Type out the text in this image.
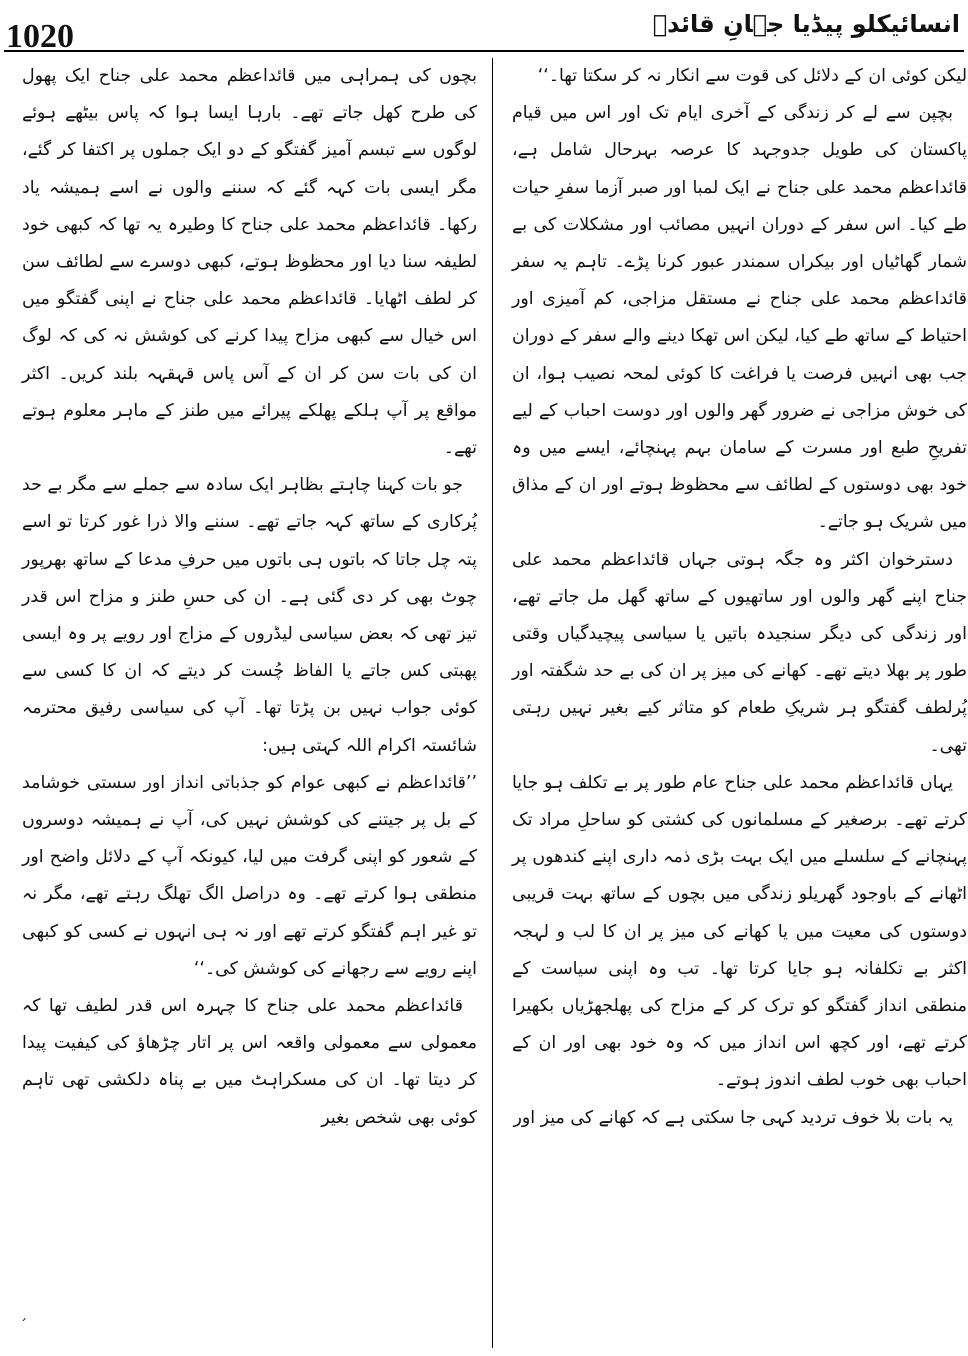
1020	انسائیکلو پیڈیا جہانِ قائدؒ

لیکن کوئی ان کے دلائل کی قوت سے انکار نہ کر سکتا تھا۔‘‘

بچپن سے لے کر زندگی کے آخری ایام تک اور اس میں قیام پاکستان کی طویل جدوجہد کا عرصہ بہرحال شامل ہے، قائداعظم محمد علی جناح نے ایک لمبا اور صبر آزما سفرِ حیات طے کیا۔ اس سفر کے دوران انہیں مصائب اور مشکلات کی بے شمار گھاٹیاں اور بیکراں سمندر عبور کرنا پڑے۔ تاہم یہ سفر قائداعظم محمد علی جناح نے مستقل مزاجی، کم آمیزی اور احتیاط کے ساتھ طے کیا، لیکن اس تھکا دینے والے سفر کے دوران جب بھی انہیں فرصت یا فراغت کا کوئی لمحہ نصیب ہوا، ان کی خوش مزاجی نے ضرور گھر والوں اور دوست احباب کے لیے تفریحِ طبع اور مسرت کے سامان بہم پہنچائے، ایسے میں وہ خود بھی دوستوں کے لطائف سے محظوظ ہوتے اور ان کے مذاق میں شریک ہو جاتے۔

دسترخوان اکثر وہ جگہ ہوتی جہاں قائداعظم محمد علی جناح اپنے گھر والوں اور ساتھیوں کے ساتھ گھل مل جاتے تھے، اور زندگی کی دیگر سنجیدہ باتیں یا سیاسی پیچیدگیاں وقتی طور پر بھلا دیتے تھے۔ کھانے کی میز پر ان کی بے حد شگفتہ اور پُرلطف گفتگو ہر شریکِ طعام کو متاثر کیے بغیر نہیں رہتی تھی۔

یہاں قائداعظم محمد علی جناح عام طور پر بے تکلف ہو جایا کرتے تھے۔ برصغیر کے مسلمانوں کی کشتی کو ساحلِ مراد تک پہنچانے کے سلسلے میں ایک بہت بڑی ذمہ داری اپنے کندھوں پر اٹھانے کے باوجود گھریلو زندگی میں بچوں کے ساتھ بہت قریبی دوستوں کی معیت میں یا کھانے کی میز پر ان کا لب و لہجہ اکثر بے تکلفانہ ہو جایا کرتا تھا۔ تب وہ اپنی سیاست کے منطقی انداز گفتگو کو ترک کر کے مزاح کی پھلجھڑیاں بکھیرا کرتے تھے، اور کچھ اس انداز میں کہ وہ خود بھی اور ان کے احباب بھی خوب لطف اندوز ہوتے۔

یہ بات بلا خوف تردید کہی جا سکتی ہے کہ کھانے کی میز اور

بچوں کی ہمراہی میں قائداعظم محمد علی جناح ایک پھول کی طرح کھل جاتے تھے۔ بارہا ایسا ہوا کہ پاس بیٹھے ہوئے لوگوں سے تبسم آمیز گفتگو کے دو ایک جملوں پر اکتفا کر گئے، مگر ایسی بات کہہ گئے کہ سننے والوں نے اسے ہمیشہ یاد رکھا۔ قائداعظم محمد علی جناح کا وطیرہ یہ تھا کہ کبھی خود لطیفہ سنا دیا اور محظوظ ہوتے، کبھی دوسرے سے لطائف سن کر لطف اٹھایا۔ قائداعظم محمد علی جناح نے اپنی گفتگو میں اس خیال سے کبھی مزاح پیدا کرنے کی کوشش نہ کی کہ لوگ ان کی بات سن کر ان کے آس پاس قہقہہ بلند کریں۔ اکثر مواقع پر آپ ہلکے پھلکے پیرائے میں طنز کے ماہر معلوم ہوتے تھے۔

جو بات کہنا چاہتے بظاہر ایک سادہ سے جملے سے مگر بے حد پُرکاری کے ساتھ کہہ جاتے تھے۔ سننے والا ذرا غور کرتا تو اسے پتہ چل جاتا کہ باتوں ہی باتوں میں حرفِ مدعا کے ساتھ بھرپور چوٹ بھی کر دی گئی ہے۔ ان کی حسِ طنز و مزاح اس قدر تیز تھی کہ بعض سیاسی لیڈروں کے مزاج اور رویے پر وہ ایسی پھبتی کس جاتے یا الفاظ چُست کر دیتے کہ ان کا کسی سے کوئی جواب نہیں بن پڑتا تھا۔ آپ کی سیاسی رفیق محترمہ شائستہ اکرام اللہ کہتی ہیں:

’’قائداعظم نے کبھی عوام کو جذباتی انداز اور سستی خوشامد کے بل پر جیتنے کی کوشش نہیں کی، آپ نے ہمیشہ دوسروں کے شعور کو اپنی گرفت میں لیا، کیونکہ آپ کے دلائل واضح اور منطقی ہوا کرتے تھے۔ وہ دراصل الگ تھلگ رہتے تھے، مگر نہ تو غیر اہم گفتگو کرتے تھے اور نہ ہی انہوں نے کسی کو کبھی اپنے رویے سے رجھانے کی کوشش کی۔‘‘

قائداعظم محمد علی جناح کا چہرہ اس قدر لطیف تھا کہ معمولی سے معمولی واقعہ اس پر اتار چڑھاؤ کی کیفیت پیدا کر دیتا تھا۔ ان کی مسکراہٹ میں بے پناہ دلکشی تھی تاہم کوئی بھی شخص بغیر

ˊ
